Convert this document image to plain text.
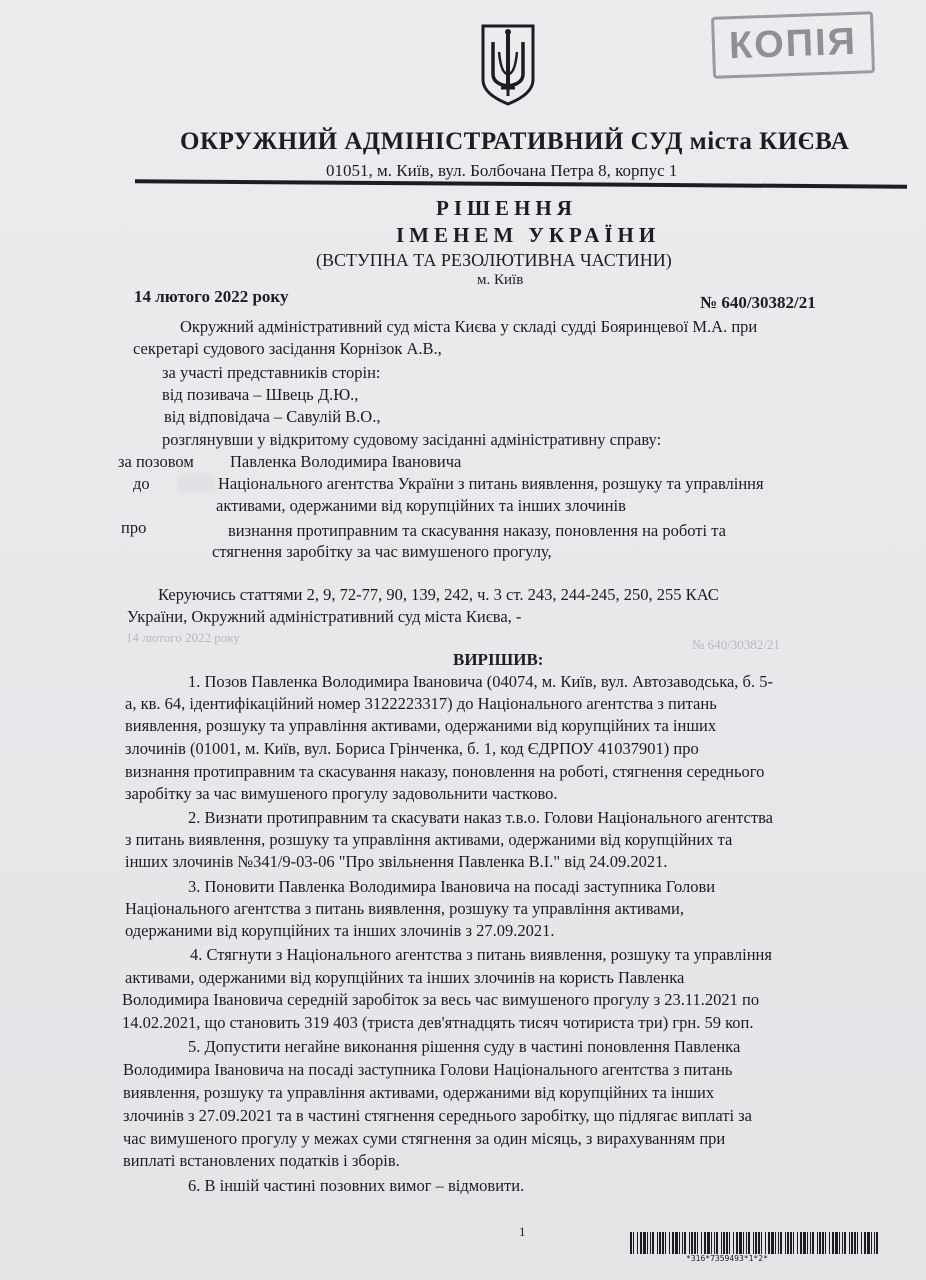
КОПІЯ
ОКРУЖНИЙ АДМІНІСТРАТИВНИЙ СУД міста КИЄВА
01051, м. Київ, вул. Болбочана Петра 8, корпус 1
РІШЕННЯ
ІМЕНЕМ УКРАЇНИ
(ВСТУПНА ТА РЕЗОЛЮТИВНА ЧАСТИНИ)
м. Київ
14 лютого 2022 року	№ 640/30382/21
Окружний адміністративний суд міста Києва у складі судді Бояринцевої М.А. при
секретарі судового засідання Корнізок А.В.,
за участі представників сторін:
від позивача – Швець Д.Ю.,
від відповідача – Савулій В.О.,
розглянувши у відкритому судовому засіданні адміністративну справу:
за позовом Павленка Володимира Івановича
до	Національного агентства України з питань виявлення, розшуку та управління
активами, одержаними від корупційних та інших злочинів
про	визнання протиправним та скасування наказу, поновлення на роботі та
стягнення заробітку за час вимушеного прогулу,
Керуючись статтями 2, 9, 72-77, 90, 139, 242, ч. 3 ст. 243, 244-245, 250, 255 КАС
України, Окружний адміністративний суд міста Києва, -
14 лютого 2022 року	№ 640/30382/21
ВИРІШИВ:
1. Позов Павленка Володимира Івановича (04074, м. Київ, вул. Автозаводська, б. 5-
а, кв. 64, ідентифікаційний номер 3122223317) до Національного агентства з питань
виявлення, розшуку та управління активами, одержаними від корупційних та інших
злочинів (01001, м. Київ, вул. Бориса Грінченка, б. 1, код ЄДРПОУ 41037901) про
визнання протиправним та скасування наказу, поновлення на роботі, стягнення середнього
заробітку за час вимушеного прогулу задовольнити частково.
2. Визнати протиправним та скасувати наказ т.в.о. Голови Національного агентства
з питань виявлення, розшуку та управління активами, одержаними від корупційних та
інших злочинів №341/9-03-06 "Про звільнення Павленка В.І." від 24.09.2021.
3. Поновити Павленка Володимира Івановича на посаді заступника Голови
Національного агентства з питань виявлення, розшуку та управління активами,
одержаними від корупційних та інших злочинів з 27.09.2021.
4. Стягнути з Національного агентства з питань виявлення, розшуку та управління
активами, одержаними від корупційних та інших злочинів на користь Павленка
Володимира Івановича середній заробіток за весь час вимушеного прогулу з 23.11.2021 по
14.02.2021, що становить 319 403 (триста дев'ятнадцять тисяч чотириста три) грн. 59 коп.
5. Допустити негайне виконання рішення суду в частині поновлення Павленка
Володимира Івановича на посаді заступника Голови Національного агентства з питань
виявлення, розшуку та управління активами, одержаними від корупційних та інших
злочинів з 27.09.2021 та в частині стягнення середнього заробітку, що підлягає виплаті за
час вимушеного прогулу у межах суми стягнення за один місяць, з вирахуванням при
виплаті встановлених податків і зборів.
6. В іншій частині позовних вимог – відмовити.
1
*316*7359493*1*2*
